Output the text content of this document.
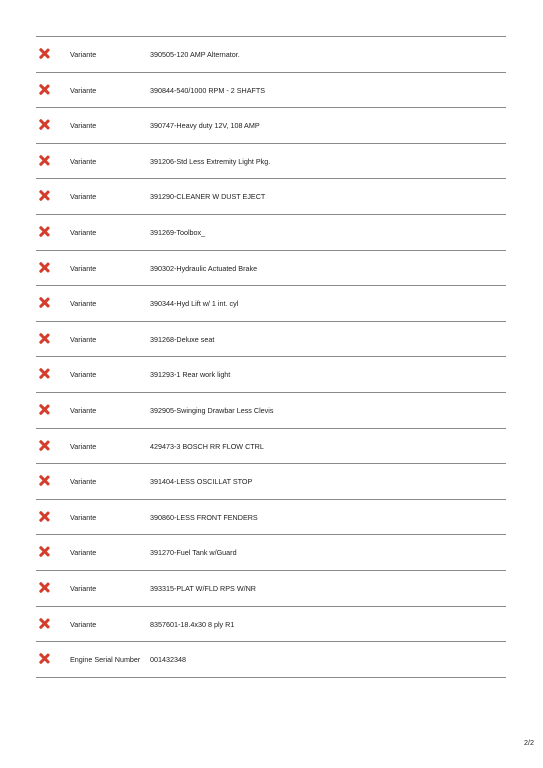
Variante	390505-120 AMP Alternator.
Variante	390844-540/1000 RPM - 2 SHAFTS
Variante	390747-Heavy duty 12V, 108 AMP
Variante	391206-Std Less Extremity Light Pkg.
Variante	391290-CLEANER W DUST EJECT
Variante	391269-Toolbox_
Variante	390302-Hydraulic Actuated Brake
Variante	390344-Hyd Lift w/ 1 int. cyl
Variante	391268-Deluxe seat
Variante	391293-1 Rear work light
Variante	392905-Swinging Drawbar Less Clevis
Variante	429473-3 BOSCH RR FLOW CTRL
Variante	391404-LESS OSCILLAT STOP
Variante	390860-LESS FRONT FENDERS
Variante	391270-Fuel Tank w/Guard
Variante	393315-PLAT W/FLD RPS W/NR
Variante	8357601-18.4x30 8 ply R1
Engine Serial Number 001432348
2/2
